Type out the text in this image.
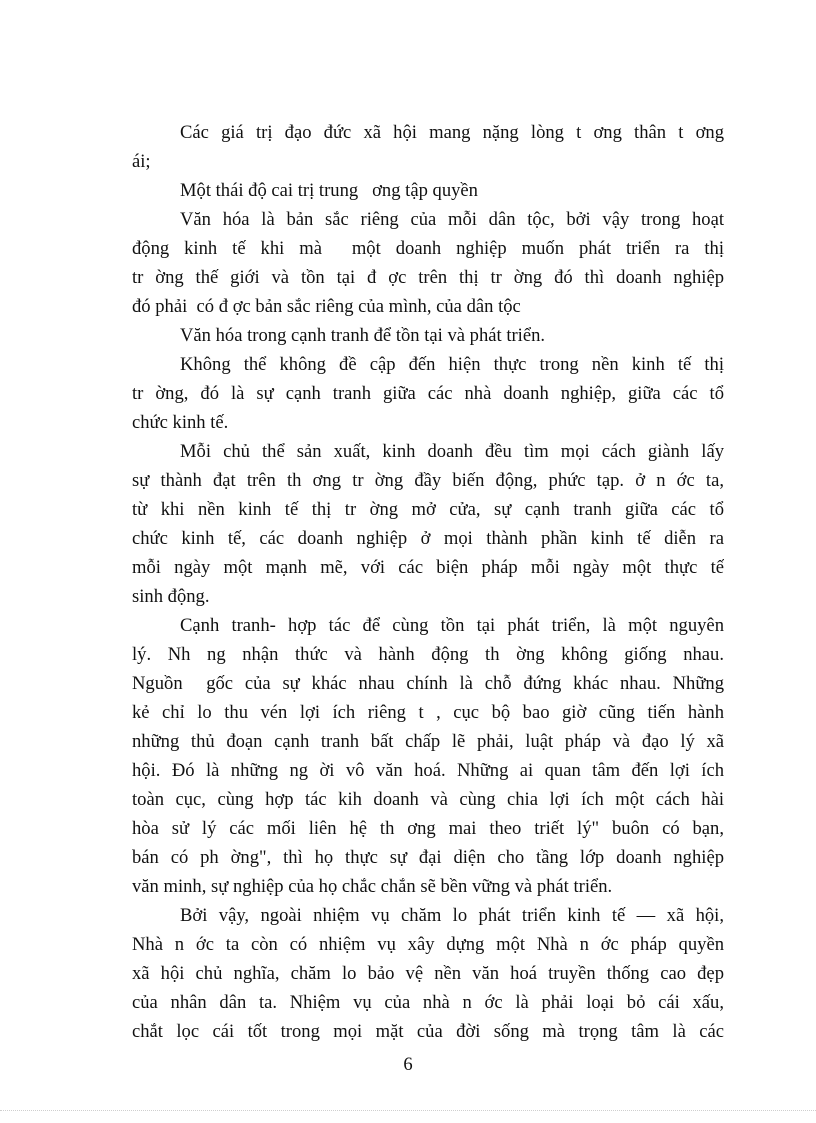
Các giá trị đạo đức xã hội mang nặng lòng t ơng thân t ơng
ái;
Một thái độ cai trị trung   ơng tập quyền
Văn hóa là bản sắc riêng của mỗi dân tộc, bởi vậy trong hoạt
động kinh tế khi mà  một doanh nghiệp muốn phát triển ra thị
tr ờng thế giới và tồn tại đ ợc trên thị tr ờng đó thì doanh nghiệp
đó phải  có đ ợc bản sắc riêng của mình, của dân tộc
Văn hóa trong cạnh tranh để tồn tại và phát triển.
Không thể không đề cập đến hiện thực trong nền kinh tế thị
tr ờng, đó là sự cạnh tranh giữa các nhà doanh nghiệp, giữa các tổ
chức kinh tế.
Mỗi chủ thể sản xuất, kinh doanh đều tìm mọi cách giành lấy
sự thành đạt trên th ơng tr ờng đầy biến động, phức tạp. ở n ớc ta,
từ khi nền kinh tế thị tr ờng mở cửa, sự cạnh tranh giữa các tổ
chức kinh tế, các doanh nghiệp ở mọi thành phần kinh tế diễn ra
mỗi ngày một mạnh mẽ, với các biện pháp mỗi ngày một thực tế
sinh động.
Cạnh tranh- hợp tác để cùng tồn tại phát triển, là một nguyên
lý. Nh ng nhận thức và hành động th ờng không giống nhau.
Nguồn  gốc của sự khác nhau chính là chỗ đứng khác nhau. Những
kẻ chỉ lo thu vén lợi ích riêng t , cục bộ bao giờ cũng tiến hành
những thủ đoạn cạnh tranh bất chấp lẽ phải, luật pháp và đạo lý xã
hội. Đó là những ng ời vô văn hoá. Những ai quan tâm đến lợi ích
toàn cục, cùng hợp tác kih doanh và cùng chia lợi ích một cách hài
hòa sử lý các mối liên hệ th ơng mai theo triết lý" buôn có bạn,
bán có ph ờng", thì họ thực sự đại diện cho tầng lớp doanh nghiệp
văn minh, sự nghiệp của họ chắc chắn sẽ bền vững và phát triển.
Bởi vậy, ngoài nhiệm vụ chăm lo phát triển kinh tế — xã hội,
Nhà n ớc ta còn có nhiệm vụ xây dựng một Nhà n ớc pháp quyền
xã hội chủ nghĩa, chăm lo bảo vệ nền văn hoá truyền thống cao đẹp
của nhân dân ta. Nhiệm vụ của nhà n ớc là phải loại bỏ cái xấu,
chắt lọc cái tốt trong mọi mặt của đời sống mà trọng tâm là các
6
